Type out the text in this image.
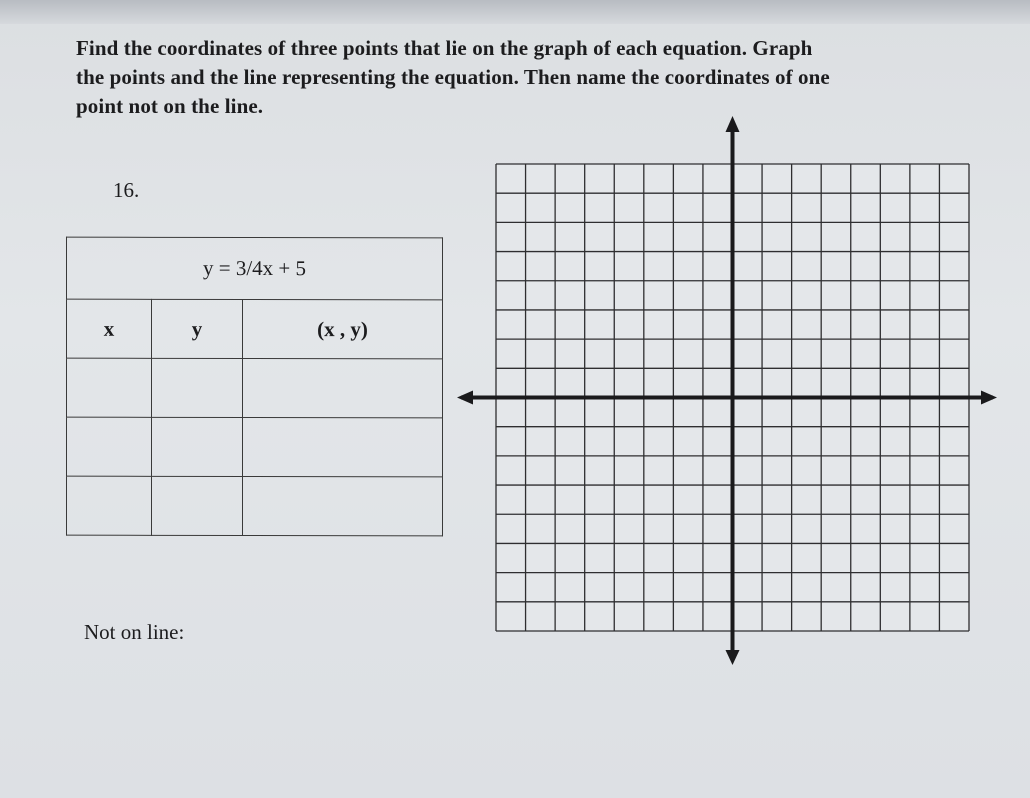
Find the coordinates of three points that lie on the graph of each equation. Graph
the points and the line representing the equation. Then name the coordinates of one
point not on the line.
16.
y = 3/4x + 5		
x	y	(x , y)

Not on line:
